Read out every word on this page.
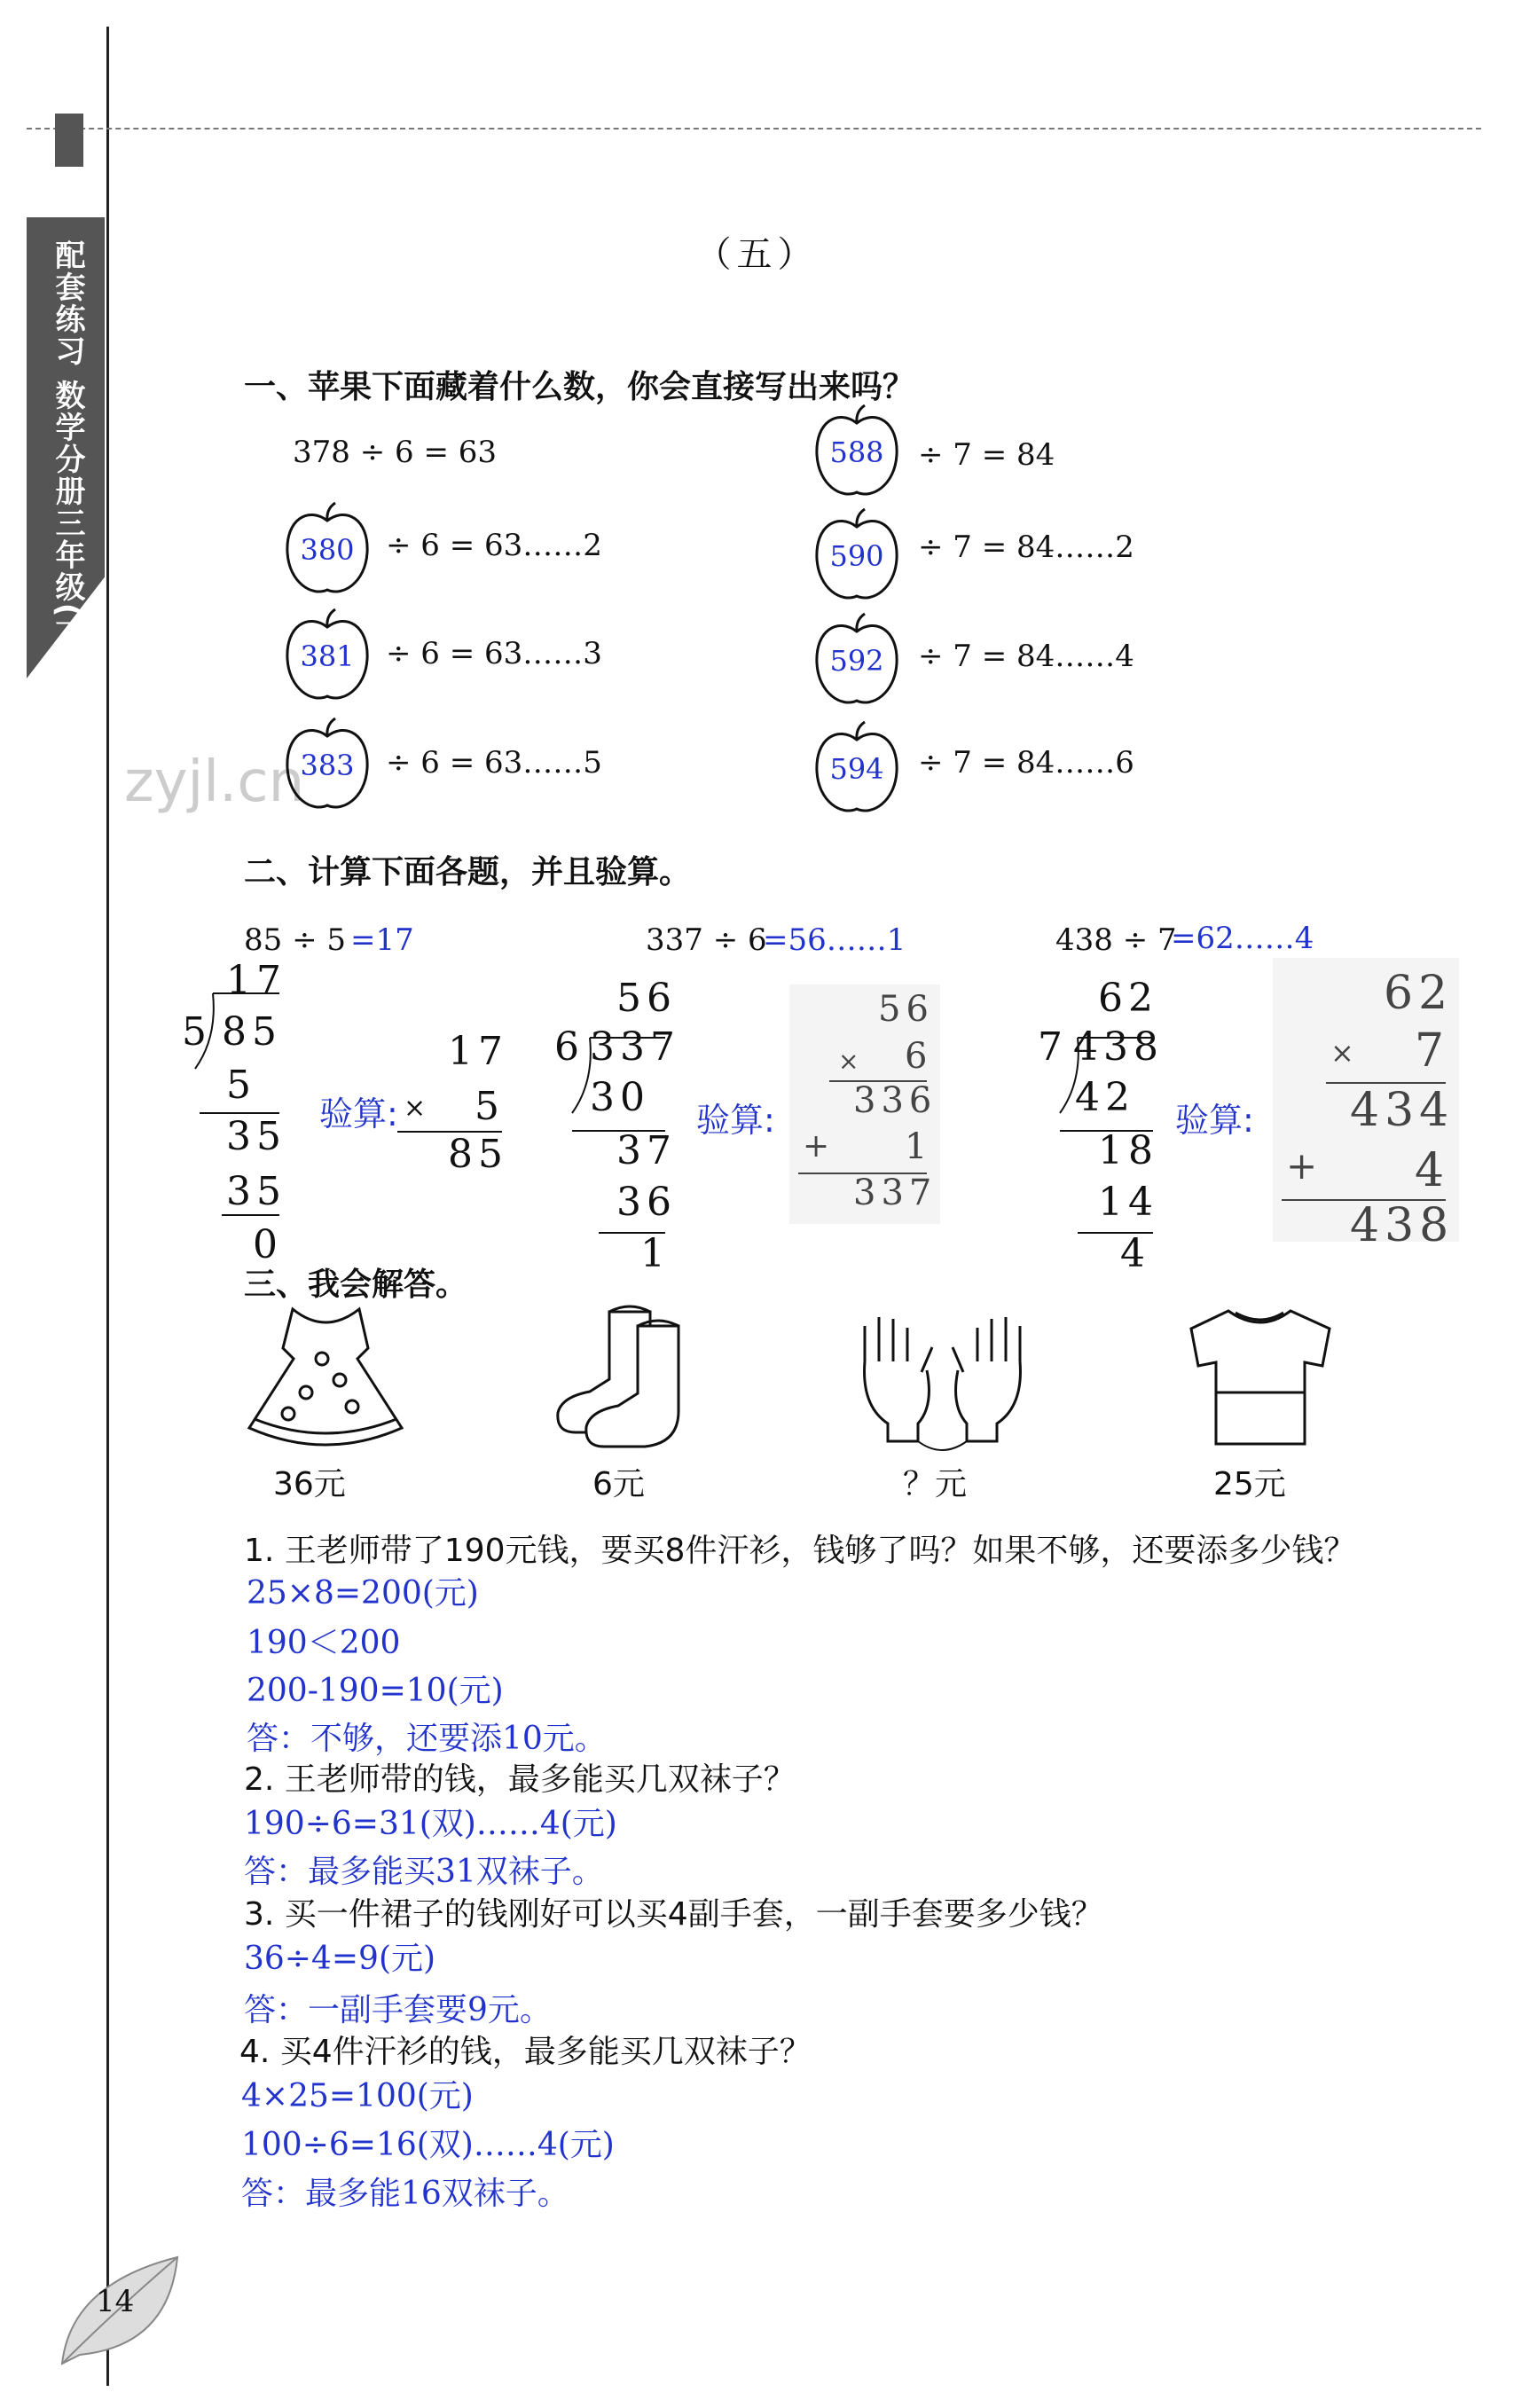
配套练习 数学分册三年级(下)	（五）
zyjl.cn
一、苹果下面藏着什么数，你会直接写出来吗？
378 ÷ 6 = 63
380	÷ 6 = 63……2
381	÷ 6 = 63……3
383	÷ 6 = 63……5
588	÷ 7 = 84
590	÷ 7 = 84……2
592	÷ 7 = 84……4
594	÷ 7 = 84……6
二、计算下面各题，并且验算。
85 ÷ 5 =17
17
5 85
5
35
35
0
验算:
17
× 5
85
337 ÷ 6
=56……1
56
6 337
30
37
36
1
验算:
56
× 6
336
+ 1
337
438 ÷ 7
=62……4
62
7 438
42
18
14
4
验算:
62
× 7
434
+ 4
438
三、我会解答。
36元	6元	？元	25元
1. 王老师带了190元钱，要买8件汗衫，钱够了吗？如果不够，还要添多少钱？
25×8=200(元)
190＜200
200-190=10(元)
答：不够，还要添10元。
2. 王老师带的钱，最多能买几双袜子？
190÷6=31(双)……4(元)
答：最多能买31双袜子。
3. 买一件裙子的钱刚好可以买4副手套，一副手套要多少钱？
36÷4=9(元)
答：一副手套要9元。
4. 买4件汗衫的钱，最多能买几双袜子？
4×25=100(元)
100÷6=16(双)……4(元)
答：最多能16双袜子。
14
